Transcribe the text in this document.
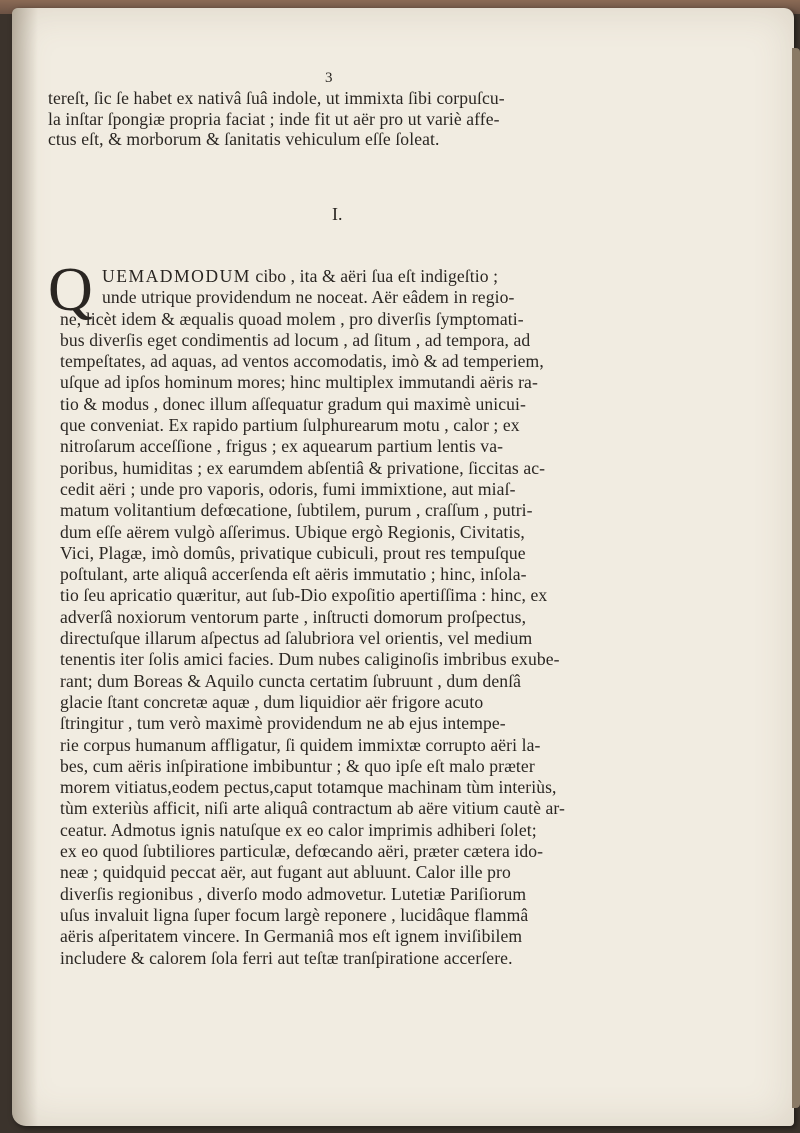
3
tereſt, ſic ſe habet ex nativâ ſuâ indole, ut immixta ſibi corpuſcu-
la inſtar ſpongiæ propria faciat ; inde fit ut aër pro ut variè affe-
ctus eſt, & morborum & ſanitatis vehiculum eſſe ſoleat.
I.
Q UEMADMODUM cibo , ita & aëri ſua eſt indigeſtio ;
unde utrique providendum ne noceat. Aër eâdem in regio-
ne, licèt idem & æqualis quoad molem , pro diverſis ſymptomati-
bus diverſis eget condimentis ad locum , ad ſitum , ad tempora, ad
tempeſtates, ad aquas, ad ventos accomodatis, imò & ad temperiem,
uſque ad ipſos hominum mores; hinc multiplex immutandi aëris ra-
tio & modus , donec illum aſſequatur gradum qui maximè unicui-
que conveniat. Ex rapido partium ſulphurearum motu , calor ; ex
nitroſarum acceſſione , frigus ; ex aquearum partium lentis va-
poribus, humiditas ; ex earumdem abſentiâ & privatione, ſiccitas ac-
cedit aëri ; unde pro vaporis, odoris, fumi immixtione, aut miaſ-
matum volitantium defœcatione, ſubtilem, purum , craſſum , putri-
dum eſſe aërem vulgò aſſerimus. Ubique ergò Regionis, Civitatis,
Vici, Plagæ, imò domûs, privatique cubiculi, prout res tempuſque
poſtulant, arte aliquâ accerſenda eſt aëris immutatio ; hinc, inſola-
tio ſeu apricatio quæritur, aut ſub-Dio expoſitio apertiſſima : hinc, ex
adverſâ noxiorum ventorum parte , inſtructi domorum proſpectus,
directuſque illarum aſpectus ad ſalubriora vel orientis, vel medium
tenentis iter ſolis amici facies. Dum nubes caliginoſis imbribus exube-
rant; dum Boreas & Aquilo cuncta certatim ſubruunt , dum denſâ
glacie ſtant concretæ aquæ , dum liquidior aër frigore acuto
ſtringitur , tum verò maximè providendum ne ab ejus intempe-
rie corpus humanum affligatur, ſi quidem immixtæ corrupto aëri la-
bes, cum aëris inſpiratione imbibuntur ; & quo ipſe eſt malo præter
morem vitiatus,eodem pectus,caput totamque machinam tùm interiùs,
tùm exteriùs afficit, niſi arte aliquâ contractum ab aëre vitium cautè ar-
ceatur. Admotus ignis natuſque ex eo calor imprimis adhiberi ſolet;
ex eo quod ſubtiliores particulæ, defœcando aëri, præter cætera ido-
neæ ; quidquid peccat aër, aut fugant aut abluunt. Calor ille pro
diverſis regionibus , diverſo modo admovetur. Lutetiæ Pariſiorum
uſus invaluit ligna ſuper focum largè reponere , lucidâque flammâ
aëris aſperitatem vincere. In Germaniâ mos eſt ignem inviſibilem
includere & calorem ſola ferri aut teſtæ tranſpiratione accerſere.
